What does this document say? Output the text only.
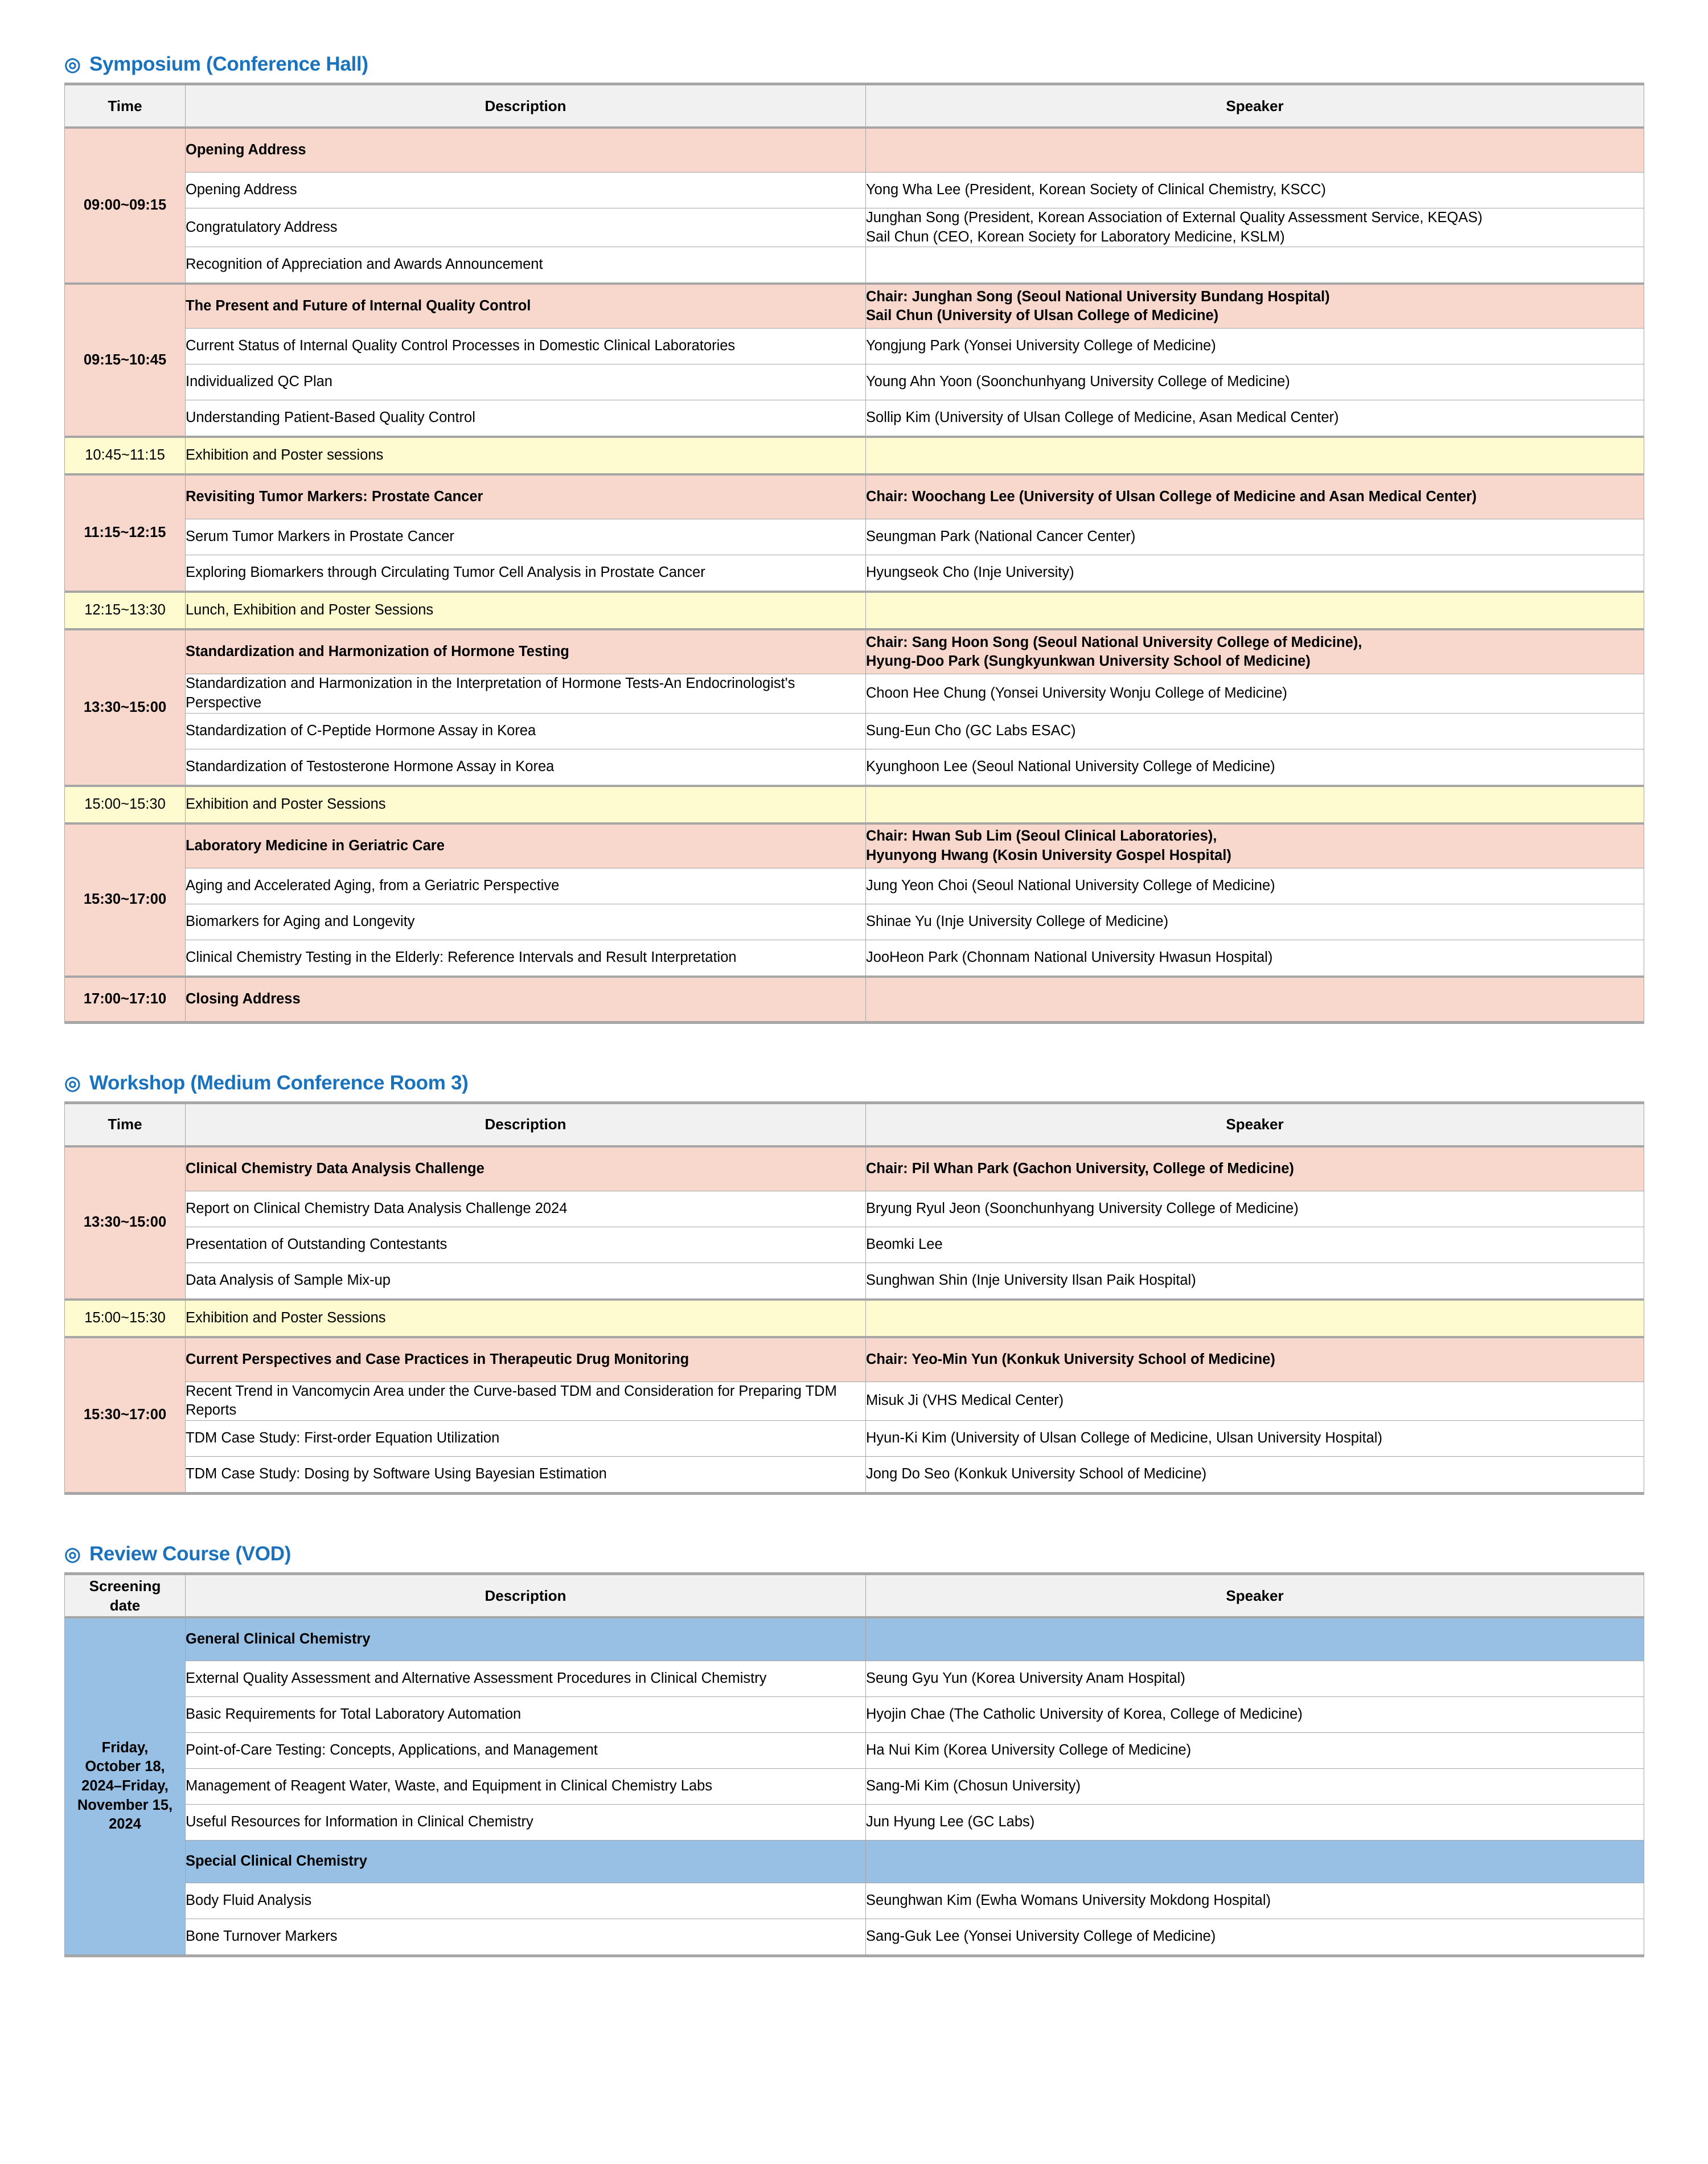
◎ Symposium (Conference Hall)
Time	Description	Speaker
09:00~09:15	Opening Address	
	Opening Address	Yong Wha Lee (President, Korean Society of Clinical Chemistry, KSCC)
	Congratulatory Address	Junghan Song (President, Korean Association of External Quality Assessment Service, KEQAS)
Sail Chun (CEO, Korean Society for Laboratory Medicine, KSLM)
	Recognition of Appreciation and Awards Announcement	
09:15~10:45	The Present and Future of Internal Quality Control	Chair: Junghan Song (Seoul National University Bundang Hospital)
Sail Chun (University of Ulsan College of Medicine)
	Current Status of Internal Quality Control Processes in Domestic Clinical Laboratories	Yongjung Park (Yonsei University College of Medicine)
	Individualized QC Plan	Young Ahn Yoon (Soonchunhyang University College of Medicine)
	Understanding Patient-Based Quality Control	Sollip Kim (University of Ulsan College of Medicine, Asan Medical Center)
10:45~11:15	Exhibition and Poster sessions	
11:15~12:15	Revisiting Tumor Markers: Prostate Cancer	Chair: Woochang Lee (University of Ulsan College of Medicine and Asan Medical Center)
	Serum Tumor Markers in Prostate Cancer	Seungman Park (National Cancer Center)
	Exploring Biomarkers through Circulating Tumor Cell Analysis in Prostate Cancer	Hyungseok Cho (Inje University)
12:15~13:30	Lunch, Exhibition and Poster Sessions	
13:30~15:00	Standardization and Harmonization of Hormone Testing	Chair: Sang Hoon Song (Seoul National University College of Medicine),
Hyung-Doo Park (Sungkyunkwan University School of Medicine)
	Standardization and Harmonization in the Interpretation of Hormone Tests-An Endocrinologist's Perspective	Choon Hee Chung (Yonsei University Wonju College of Medicine)
	Standardization of C-Peptide Hormone Assay in Korea	Sung-Eun Cho (GC Labs ESAC)
	Standardization of Testosterone Hormone Assay in Korea	Kyunghoon Lee (Seoul National University College of Medicine)
15:00~15:30	Exhibition and Poster Sessions	
15:30~17:00	Laboratory Medicine in Geriatric Care	Chair: Hwan Sub Lim (Seoul Clinical Laboratories),
Hyunyong Hwang (Kosin University Gospel Hospital)
	Aging and Accelerated Aging, from a Geriatric Perspective	Jung Yeon Choi (Seoul National University College of Medicine)
	Biomarkers for Aging and Longevity	Shinae Yu (Inje University College of Medicine)
	Clinical Chemistry Testing in the Elderly: Reference Intervals and Result Interpretation	JooHeon Park (Chonnam National University Hwasun Hospital)
17:00~17:10	Closing Address	
◎ Workshop (Medium Conference Room 3)
Time	Description	Speaker
13:30~15:00	Clinical Chemistry Data Analysis Challenge	Chair: Pil Whan Park (Gachon University, College of Medicine)
	Report on Clinical Chemistry Data Analysis Challenge 2024	Bryung Ryul Jeon (Soonchunhyang University College of Medicine)
	Presentation of Outstanding Contestants	Beomki Lee
	Data Analysis of Sample Mix-up	Sunghwan Shin (Inje University Ilsan Paik Hospital)
15:00~15:30	Exhibition and Poster Sessions	
15:30~17:00	Current Perspectives and Case Practices in Therapeutic Drug Monitoring	Chair: Yeo-Min Yun (Konkuk University School of Medicine)
	Recent Trend in Vancomycin Area under the Curve-based TDM and Consideration for Preparing TDM Reports	Misuk Ji (VHS Medical Center)
	TDM Case Study: First-order Equation Utilization	Hyun-Ki Kim (University of Ulsan College of Medicine, Ulsan University Hospital)
	TDM Case Study: Dosing by Software Using Bayesian Estimation	Jong Do Seo (Konkuk University School of Medicine)
◎ Review Course (VOD)
Screening
date	Description	Speaker
Friday,
October 18,
2024–Friday,
November 15,
2024	General Clinical Chemistry	
	External Quality Assessment and Alternative Assessment Procedures in Clinical Chemistry	Seung Gyu Yun (Korea University Anam Hospital)
	Basic Requirements for Total Laboratory Automation	Hyojin Chae (The Catholic University of Korea, College of Medicine)
	Point-of-Care Testing: Concepts, Applications, and Management	Ha Nui Kim (Korea University College of Medicine)
	Management of Reagent Water, Waste, and Equipment in Clinical Chemistry Labs	Sang-Mi Kim (Chosun University)
	Useful Resources for Information in Clinical Chemistry	Jun Hyung Lee (GC Labs)
	Special Clinical Chemistry	
	Body Fluid Analysis	Seunghwan Kim (Ewha Womans University Mokdong Hospital)
	Bone Turnover Markers	Sang-Guk Lee (Yonsei University College of Medicine)
